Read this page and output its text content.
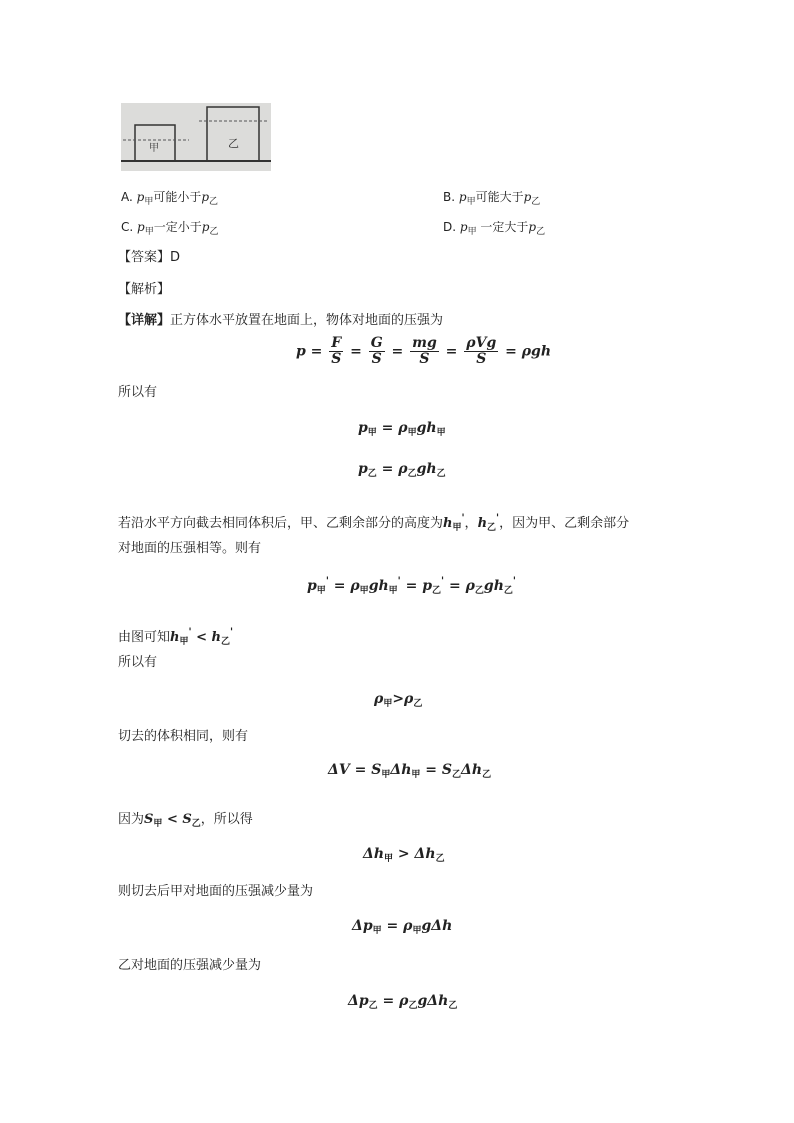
甲	乙
A. $p_甲$可能小于$p_乙$	B. $p_甲$可能大于$p_乙$
C. $p_甲$一定小于$p_乙$	D. $p_甲$ 一定大于$p_乙$
【答案】D
【解析】
【详解】正方体水平放置在地面上，物体对地面的压强为
$p = \frac{F}{S} = \frac{G}{S} = \frac{mg}{S} = \frac{\text{ρVg}}{S} = \rho gh$
所以有
$p_甲 = \rho_甲gh_甲$
$p_乙 = \rho_乙gh_乙$
若沿水平方向截去相同体积后，甲、乙剩余部分的高度为$h_甲'$，$h_乙'$，因为甲、乙剩余部分
对地面的压强相等。则有
$p_甲' = \rho_甲gh_甲' = p_乙' = \rho_乙gh_乙'$
由图可知$h_甲' < h_乙'$
所以有
$\rho_甲>\rho_乙$
切去的体积相同，则有
$\Delta V = S_甲\Delta h_甲 = S_乙\Delta h_乙$
因为$S_甲 < S_乙$，所以得
$\Delta h_甲 > \Delta h_乙$
则切去后甲对地面的压强减少量为
$\Delta p_甲 = \rho_甲g\Delta h$
乙对地面的压强减少量为
$\Delta p_乙 = \rho_乙g\Delta h_乙$
